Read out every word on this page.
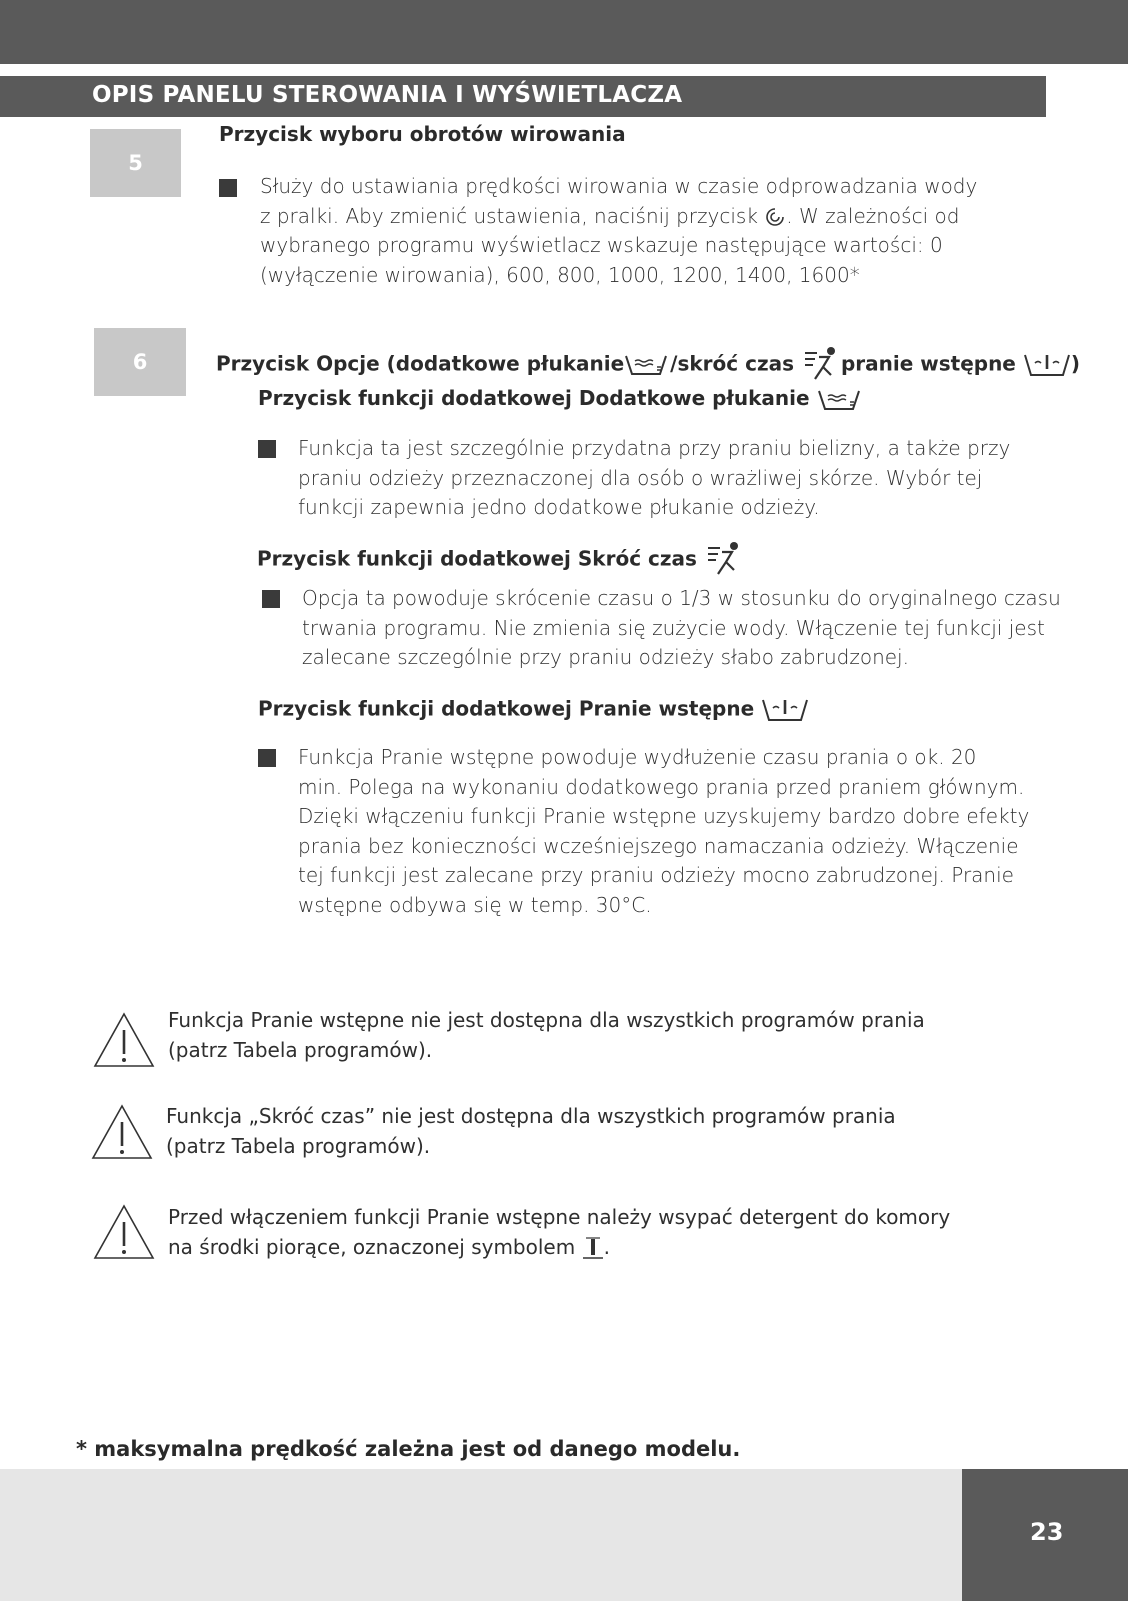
OPIS PANELU STEROWANIA I WYŚWIETLACZA
5
Przycisk wyboru obrotów wirowania
Służy do ustawiania prędkości wirowania w czasie odprowadzania wody
z pralki. Aby zmienić ustawienia, naciśnij przycisk . W zależności od
wybranego programu wyświetlacz wskazuje następujące wartości: 0
(wyłączenie wirowania), 600, 800, 1000, 1200, 1400, 1600*
6	Przycisk Opcje (dodatkowe płukanie /skróć czas pranie wstępne	)
Przycisk funkcji dodatkowej Dodatkowe płukanie
Funkcja ta jest szczególnie przydatna przy praniu bielizny, a także przy
praniu odzieży przeznaczonej dla osób o wrażliwej skórze. Wybór tej
funkcji zapewnia jedno dodatkowe płukanie odzieży.
Przycisk funkcji dodatkowej Skróć czas
Opcja ta powoduje skrócenie czasu o 1/3 w stosunku do oryginalnego czasu
trwania programu. Nie zmienia się zużycie wody. Włączenie tej funkcji jest
zalecane szczególnie przy praniu odzieży słabo zabrudzonej.
Przycisk funkcji dodatkowej Pranie wstępne
Funkcja Pranie wstępne powoduje wydłużenie czasu prania o ok. 20
min. Polega na wykonaniu dodatkowego prania przed praniem głównym.
Dzięki włączeniu funkcji Pranie wstępne uzyskujemy bardzo dobre efekty
prania bez konieczności wcześniejszego namaczania odzieży. Włączenie
tej funkcji jest zalecane przy praniu odzieży mocno zabrudzonej. Pranie
wstępne odbywa się w temp. 30°C.
Funkcja Pranie wstępne nie jest dostępna dla wszystkich programów prania
(patrz Tabela programów).
Funkcja „Skróć czas” nie jest dostępna dla wszystkich programów prania
(patrz Tabela programów).
Przed włączeniem funkcji Pranie wstępne należy wsypać detergent do komory
na środki piorące, oznaczonej symbolem .
* maksymalna prędkość zależna jest od danego modelu.
23
